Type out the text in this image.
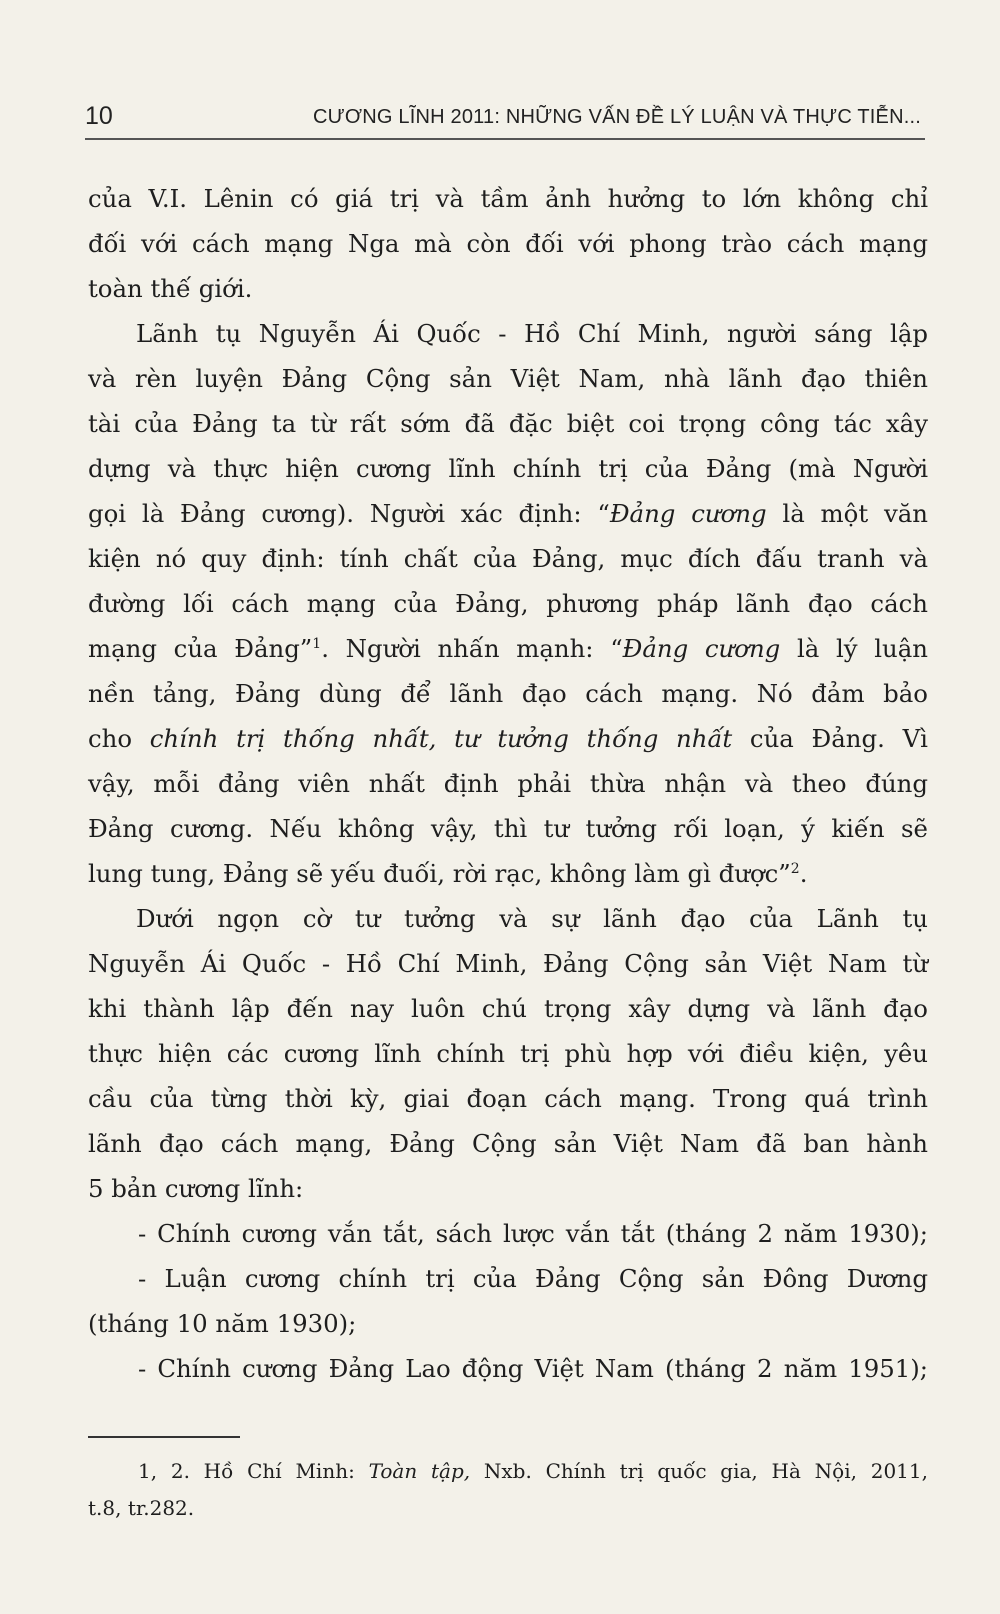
10	CƯƠNG LĨNH 2011: NHỮNG VẤN ĐỀ LÝ LUẬN VÀ THỰC TIỄN...
của V.I. Lênin có giá trị và tầm ảnh hưởng to lớn không chỉ
đối với cách mạng Nga mà còn đối với phong trào cách mạng
toàn thế giới.
Lãnh tụ Nguyễn Ái Quốc - Hồ Chí Minh, người sáng lập
và rèn luyện Đảng Cộng sản Việt Nam, nhà lãnh đạo thiên
tài của Đảng ta từ rất sớm đã đặc biệt coi trọng công tác xây
dựng và thực hiện cương lĩnh chính trị của Đảng (mà Người
gọi là Đảng cương). Người xác định: “Đảng cương là một văn
kiện nó quy định: tính chất của Đảng, mục đích đấu tranh và
đường lối cách mạng của Đảng, phương pháp lãnh đạo cách
mạng của Đảng”$^1$. Người nhấn mạnh: “Đảng cương là lý luận
nền tảng, Đảng dùng để lãnh đạo cách mạng. Nó đảm bảo
cho chính trị thống nhất, tư tưởng thống nhất của Đảng. Vì
vậy, mỗi đảng viên nhất định phải thừa nhận và theo đúng
Đảng cương. Nếu không vậy, thì tư tưởng rối loạn, ý kiến sẽ
lung tung, Đảng sẽ yếu đuối, rời rạc, không làm gì được”$^2$.
Dưới ngọn cờ tư tưởng và sự lãnh đạo của Lãnh tụ
Nguyễn Ái Quốc - Hồ Chí Minh, Đảng Cộng sản Việt Nam từ
khi thành lập đến nay luôn chú trọng xây dựng và lãnh đạo
thực hiện các cương lĩnh chính trị phù hợp với điều kiện, yêu
cầu của từng thời kỳ, giai đoạn cách mạng. Trong quá trình
lãnh đạo cách mạng, Đảng Cộng sản Việt Nam đã ban hành
5 bản cương lĩnh:
- Chính cương vắn tắt, sách lược vắn tắt (tháng 2 năm 1930);
- Luận cương chính trị của Đảng Cộng sản Đông Dương
(tháng 10 năm 1930);
- Chính cương Đảng Lao động Việt Nam (tháng 2 năm 1951);
1, 2. Hồ Chí Minh: Toàn tập, Nxb. Chính trị quốc gia, Hà Nội, 2011,
t.8, tr.282.
